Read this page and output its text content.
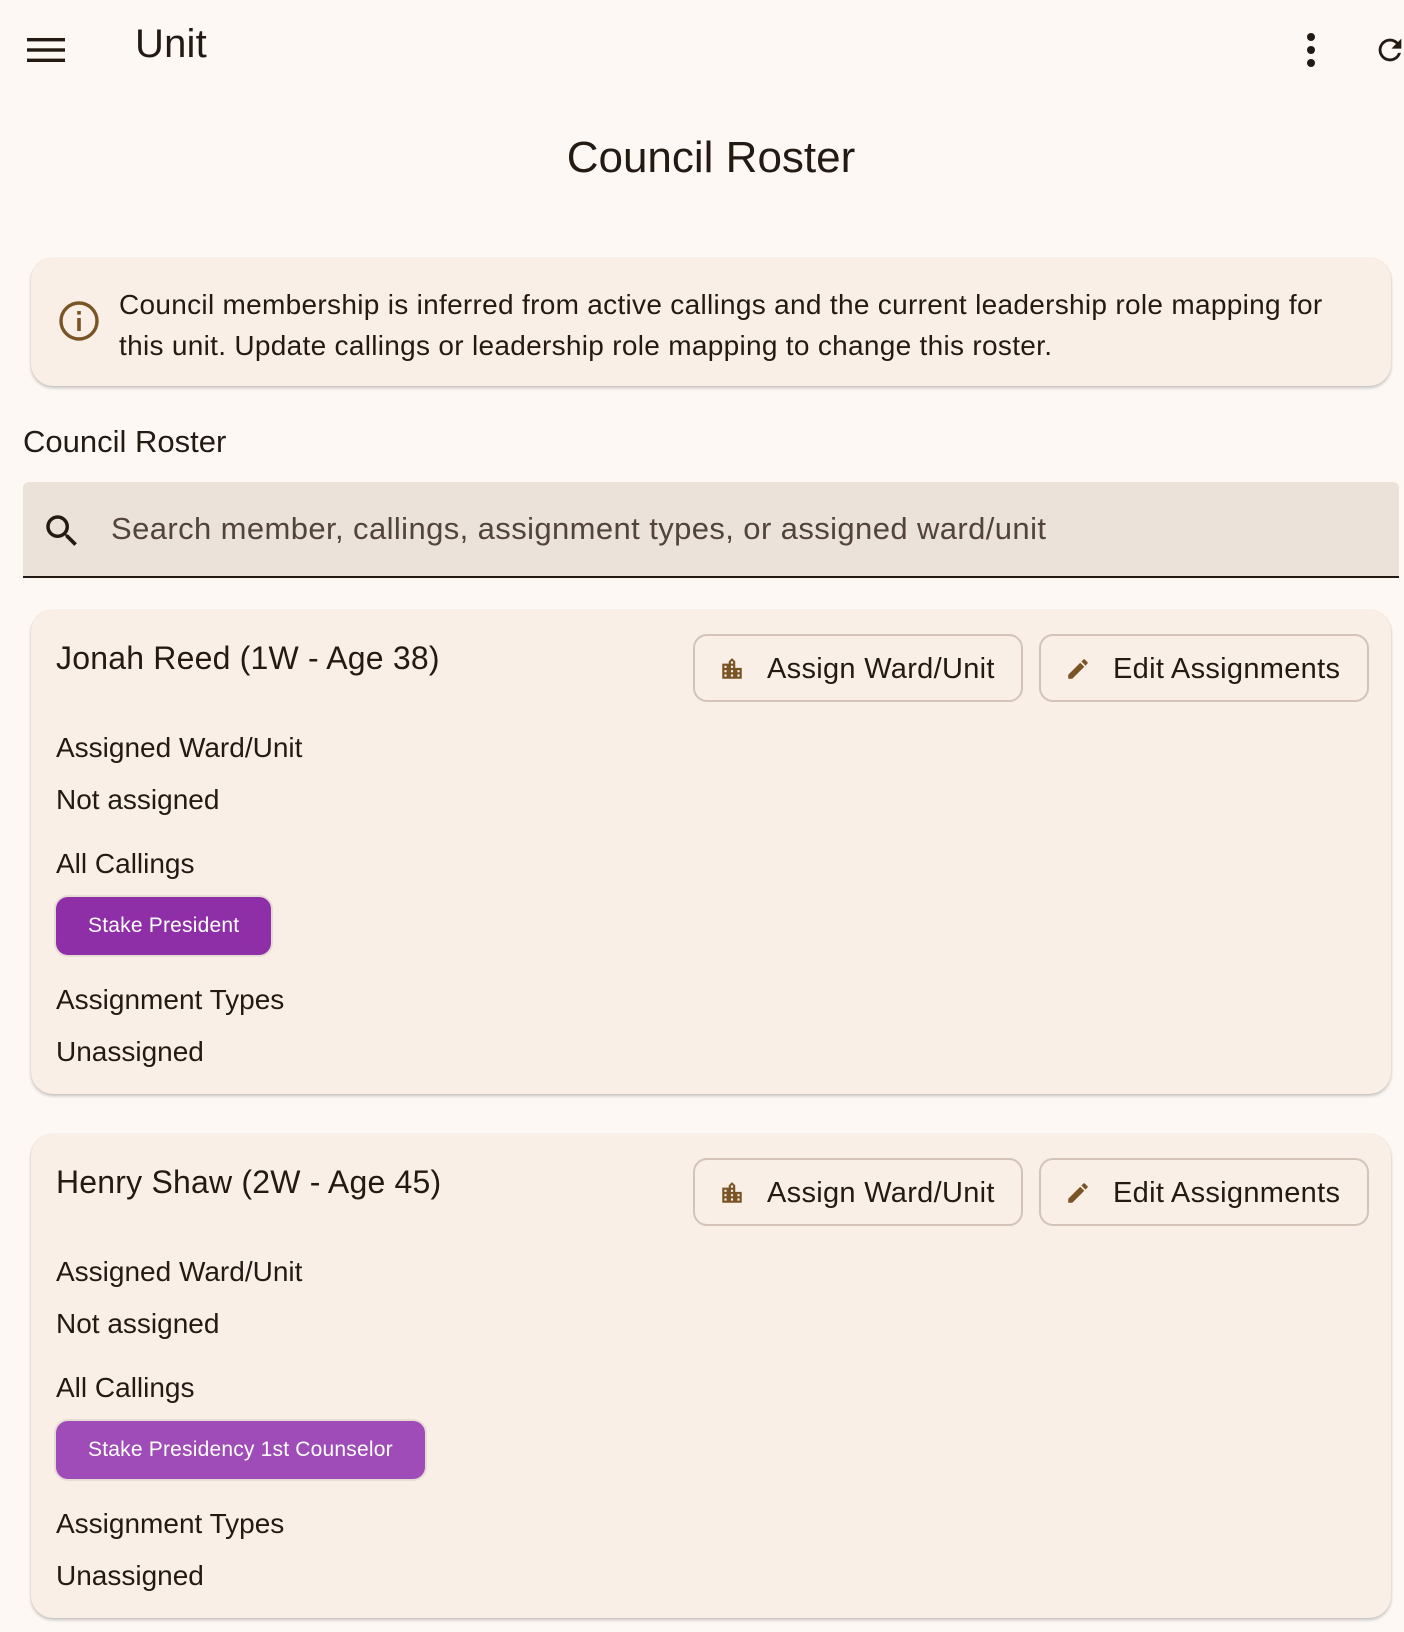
Unit
Council Roster
Council membership is inferred from active callings and the current leadership role mapping for this unit. Update callings or leadership role mapping to change this roster.
Council Roster
Search member, callings, assignment types, or assigned ward/unit
Jonah Reed (1W - Age 38)	Assign Ward/Unit	Edit Assignments
Assigned Ward/Unit
Not assigned
All Callings
Stake President
Assignment Types
Unassigned
Henry Shaw (2W - Age 45)	Assign Ward/Unit	Edit Assignments
Assigned Ward/Unit
Not assigned
All Callings
Stake Presidency 1st Counselor
Assignment Types
Unassigned
